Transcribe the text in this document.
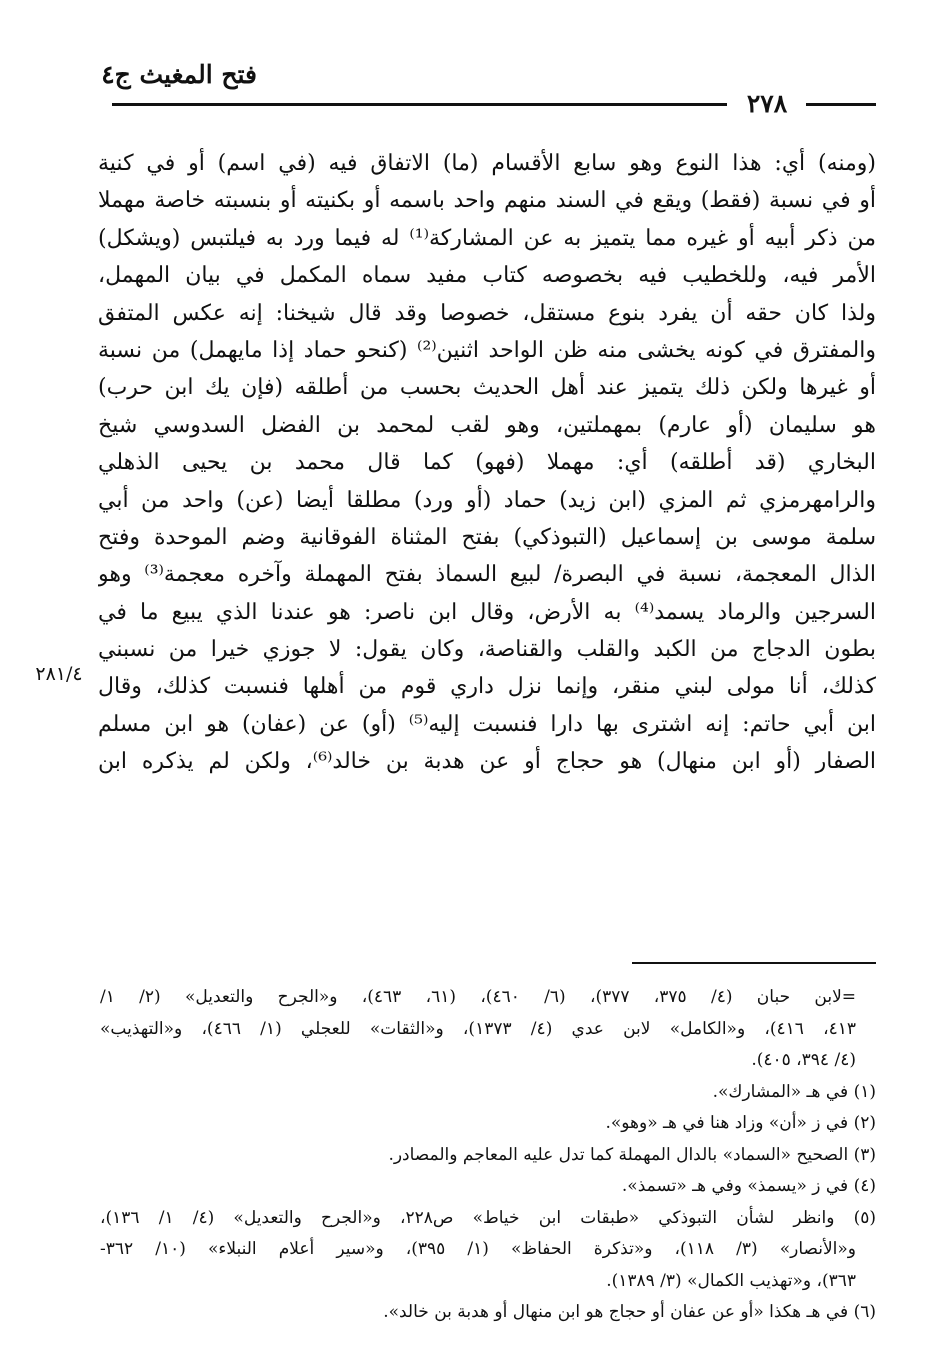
فتح المغيث ج٤
٢٧٨
٢٨١/٤
(ومنه) أي: هذا النوع وهو سابع الأقسام (ما) الاتفاق فيه (في اسم) أو في كنية
أو في نسبة (فقط) ويقع في السند منهم واحد باسمه أو بكنيته أو بنسبته خاصة مهملا
من ذكر أبيه أو غيره مما يتميز به عن المشاركة⁽¹⁾ له فيما ورد به فيلتبس (ويشكل)
الأمر فيه، وللخطيب فيه بخصوصه كتاب مفيد سماه المكمل في بيان المهمل،
ولذا كان حقه أن يفرد بنوع مستقل، خصوصا وقد قال شيخنا: إنه عكس المتفق
والمفترق في كونه يخشى منه ظن الواحد اثنين⁽²⁾ (كنحو حماد إذا مايهمل) من نسبة
أو غيرها ولكن ذلك يتميز عند أهل الحديث بحسب من أطلقه (فإن يك ابن حرب)
هو سليمان (أو عارم) بمهملتين، وهو لقب لمحمد بن الفضل السدوسي شيخ
البخاري (قد أطلقه) أي: مهملا (فهو) كما قال محمد بن يحيى الذهلي
والرامهرمزي ثم المزي (ابن زيد) حماد (أو ورد) مطلقا أيضا (عن) واحد من أبي
سلمة موسى بن إسماعيل (التبوذكي) بفتح المثناة الفوقانية وضم الموحدة وفتح
الذال المعجمة، نسبة في البصرة/ لبيع السماذ بفتح المهملة وآخره معجمة⁽³⁾ وهو
السرجين والرماد يسمد⁽⁴⁾ به الأرض، وقال ابن ناصر: هو عندنا الذي يبيع ما في
بطون الدجاج من الكبد والقلب والقناصة، وكان يقول: لا جوزي خيرا من نسبني
كذلك، أنا مولى لبني منقر، وإنما نزل داري قوم من أهلها فنسبت كذلك، وقال
ابن أبي حاتم: إنه اشترى بها دارا فنسبت إليه⁽⁵⁾ (أو) عن (عفان) هو ابن مسلم
الصفار (أو ابن منهال) هو حجاج أو عن هدبة بن خالد⁽⁶⁾، ولكن لم يذكره ابن
=لابن حبان (٤/ ٣٧٥، ٣٧٧)، (٦/ ٤٦٠)، (٦١، ٤٦٣)، و«الجرح والتعديل» (٢/ ١/
٤١٣، ٤١٦)، و«الكامل» لابن عدي (٤/ ١٣٧٣)، و«الثقات» للعجلي (١/ ٤٦٦)، و«التهذيب»
(٤/ ٣٩٤، ٤٠٥).
(١) في هـ «المشارك».
(٢) في ز «أن» وزاد هنا في هـ «وهو».
(٣) الصحيح «السماد» بالدال المهملة كما تدل عليه المعاجم والمصادر.
(٤) في ز «يسمذ» وفي هـ «تسمذ».
(٥) وانظر لشأن التبوذكي «طبقات ابن خياط» ص٢٢٨، و«الجرح والتعديل» (٤/ ١/ ١٣٦)،
و«الأنصار» (٣/ ١١٨)، و«تذكرة الحفاظ» (١/ ٣٩٥)، و«سير أعلام النبلاء» (١٠/ ٣٦٢-
٣٦٣)، و«تهذيب الكمال» (٣/ ١٣٨٩).
(٦) في هـ هكذا «أو عن عفان أو حجاج هو ابن منهال أو هدبة بن خالد».
